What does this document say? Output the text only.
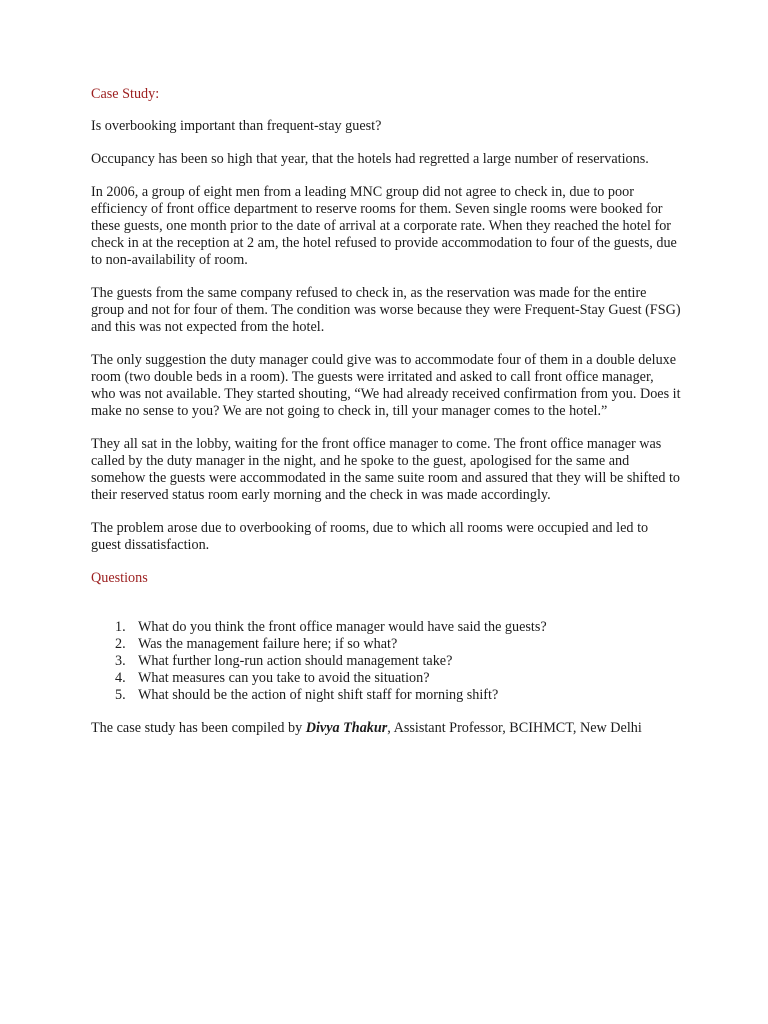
Case Study:

Is overbooking important than frequent-stay guest?

Occupancy has been so high that year, that the hotels had regretted a large number of reservations.

In 2006, a group of eight men from a leading MNC group did not agree to check in, due to poor efficiency of front office department to reserve rooms for them. Seven single rooms were booked for these guests, one month prior to the date of arrival at a corporate rate. When they reached the hotel for check in at the reception at 2 am, the hotel refused to provide accommodation to four of the guests, due to non-availability of room.

The guests from the same company refused to check in, as the reservation was made for the entire group and not for four of them. The condition was worse because they were Frequent-Stay Guest (FSG) and this was not expected from the hotel.

The only suggestion the duty manager could give was to accommodate four of them in a double deluxe room (two double beds in a room). The guests were irritated and asked to call front office manager, who was not available. They started shouting, “We had already received confirmation from you. Does it make no sense to you? We are not going to check in, till your manager comes to the hotel.”

They all sat in the lobby, waiting for the front office manager to come. The front office manager was called by the duty manager in the night, and he spoke to the guest, apologised for the same and somehow the guests were accommodated in the same suite room and assured that they will be shifted to their reserved status room early morning and the check in was made accordingly.

The problem arose due to overbooking of rooms, due to which all rooms were occupied and led to guest dissatisfaction.

Questions

1. What do you think the front office manager would have said the guests?
2. Was the management failure here; if so what?
3. What further long-run action should management take?
4. What measures can you take to avoid the situation?
5. What should be the action of night shift staff for morning shift?

The case study has been compiled by Divya Thakur, Assistant Professor, BCIHMCT, New Delhi
